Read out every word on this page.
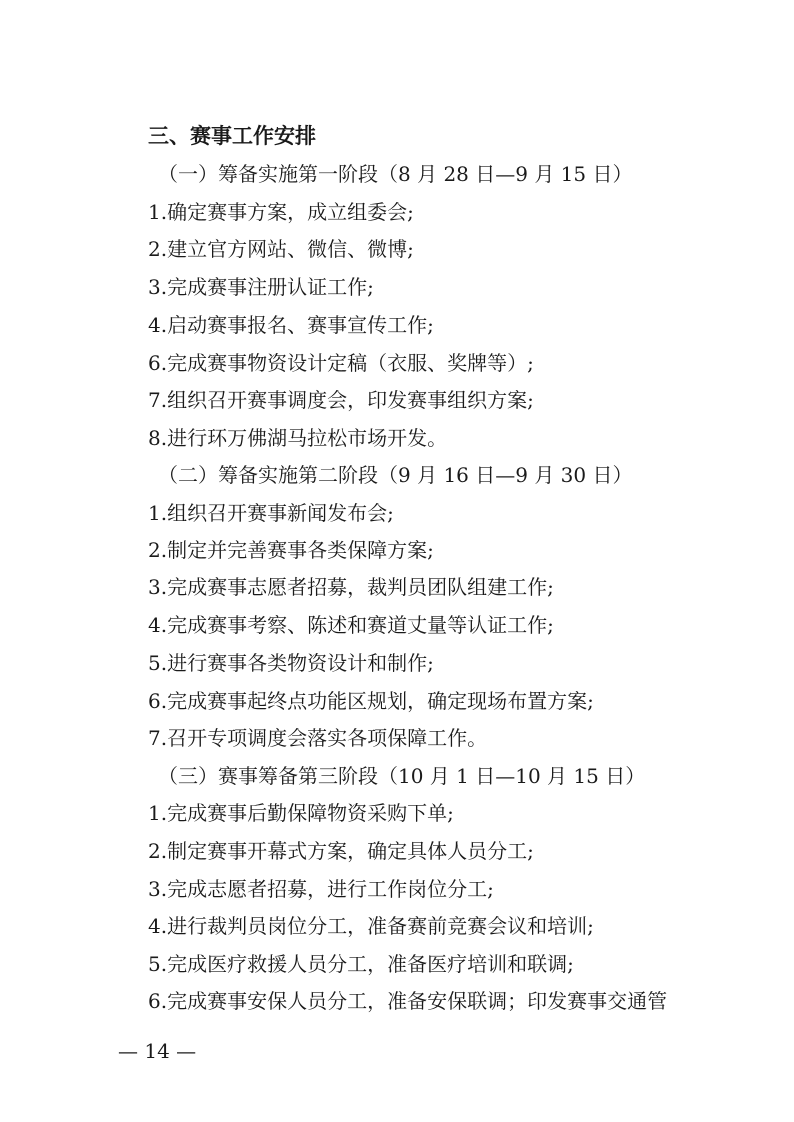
三、赛事工作安排
（一）筹备实施第一阶段（8 月 28 日—9 月 15 日）
1.确定赛事方案，成立组委会;
2.建立官方网站、微信、微博;
3.完成赛事注册认证工作;
4.启动赛事报名、赛事宣传工作;
6.完成赛事物资设计定稿（衣服、奖牌等）;
7.组织召开赛事调度会，印发赛事组织方案;
8.进行环万佛湖马拉松市场开发。
（二）筹备实施第二阶段（9 月 16 日—9 月 30 日）
1.组织召开赛事新闻发布会;
2.制定并完善赛事各类保障方案;
3.完成赛事志愿者招募，裁判员团队组建工作;
4.完成赛事考察、陈述和赛道丈量等认证工作;
5.进行赛事各类物资设计和制作;
6.完成赛事起终点功能区规划，确定现场布置方案;
7.召开专项调度会落实各项保障工作。
（三）赛事筹备第三阶段（10 月 1 日—10 月 15 日）
1.完成赛事后勤保障物资采购下单;
2.制定赛事开幕式方案，确定具体人员分工;
3.完成志愿者招募，进行工作岗位分工;
4.进行裁判员岗位分工，准备赛前竞赛会议和培训;
5.完成医疗救援人员分工，准备医疗培训和联调;
6.完成赛事安保人员分工，准备安保联调；印发赛事交通管
— 14 —
